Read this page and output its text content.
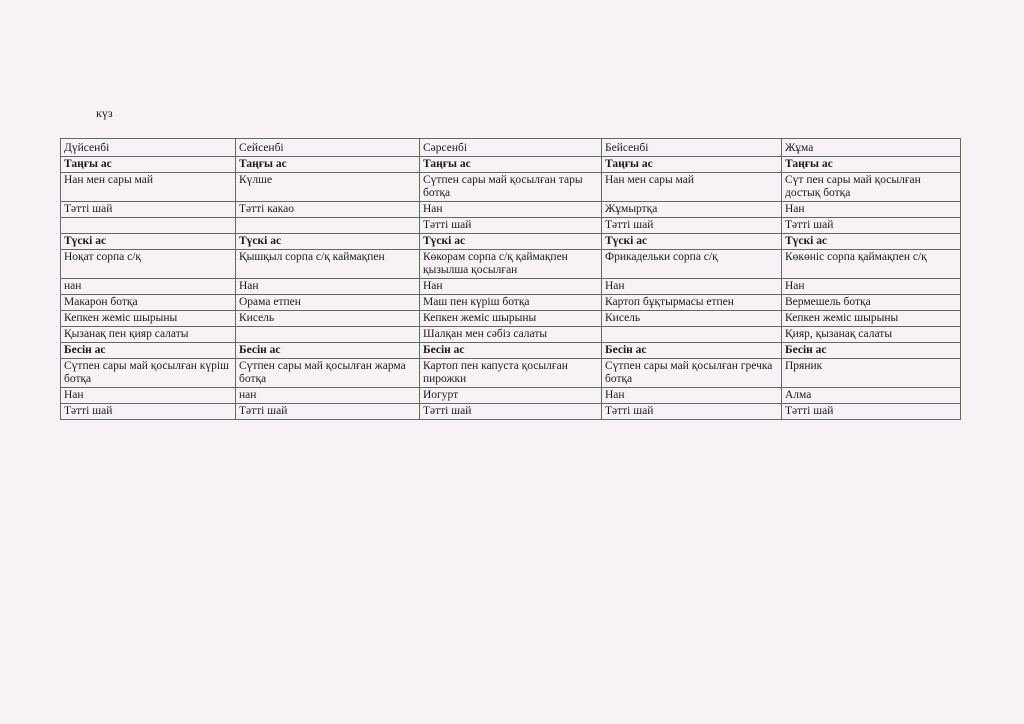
күз
Дүйсенбі	Сейсенбі	Сәрсенбі	Бейсенбі	Жұма
Таңғы ас	Таңғы ас	Таңғы ас	Таңғы ас	Таңғы ас
Нан мен сары май	Күлше	Сүтпен сары май қосылған тары ботқа	Нан мен сары май	Сүт пен сары май қосылған достық ботқа
Тәтті шай	Тәтті какао	Нан	Жұмыртқа	Нан
		Тәтті шай	Тәтті шай	Тәтті шай
Түскі ас	Түскі ас	Түскі ас	Түскі ас	Түскі ас
Ноқат сорпа с/қ	Қышқыл сорпа с/қ каймақпен	Көкорам сорпа с/қ қаймақпен қызылша қосылған	Фрикадельки сорпа с/қ	Көкөніс сорпа қаймақпен с/қ
нан	Нан	Нан	Нан	Нан
Макарон ботқа	Орама етпен	Маш пен күріш ботқа	Картоп бұқтырмасы етпен	Вермешель ботқа
Кепкен жеміс шырыны	Кисель	Кепкен жеміс шырыны	Кисель	Кепкен жеміс шырыны
Қызанақ пен қияр салаты		Шалқан мен сәбіз салаты		Қияр, қызанақ салаты
Бесін ас	Бесін ас	Бесін ас	Бесін ас	Бесін ас
Сүтпен сары май қосылған күріш ботқа	Сүтпен сары май қосылған жарма ботқа	Картоп пен капуста қосылған пирожки	Сүтпен сары май қосылған гречка ботқа	Пряник
Нан	нан	Иогурт	Нан	Алма
Тәтті шай	Тәтті шай	Тәтті шай	Тәтті шай	Тәтті шай
